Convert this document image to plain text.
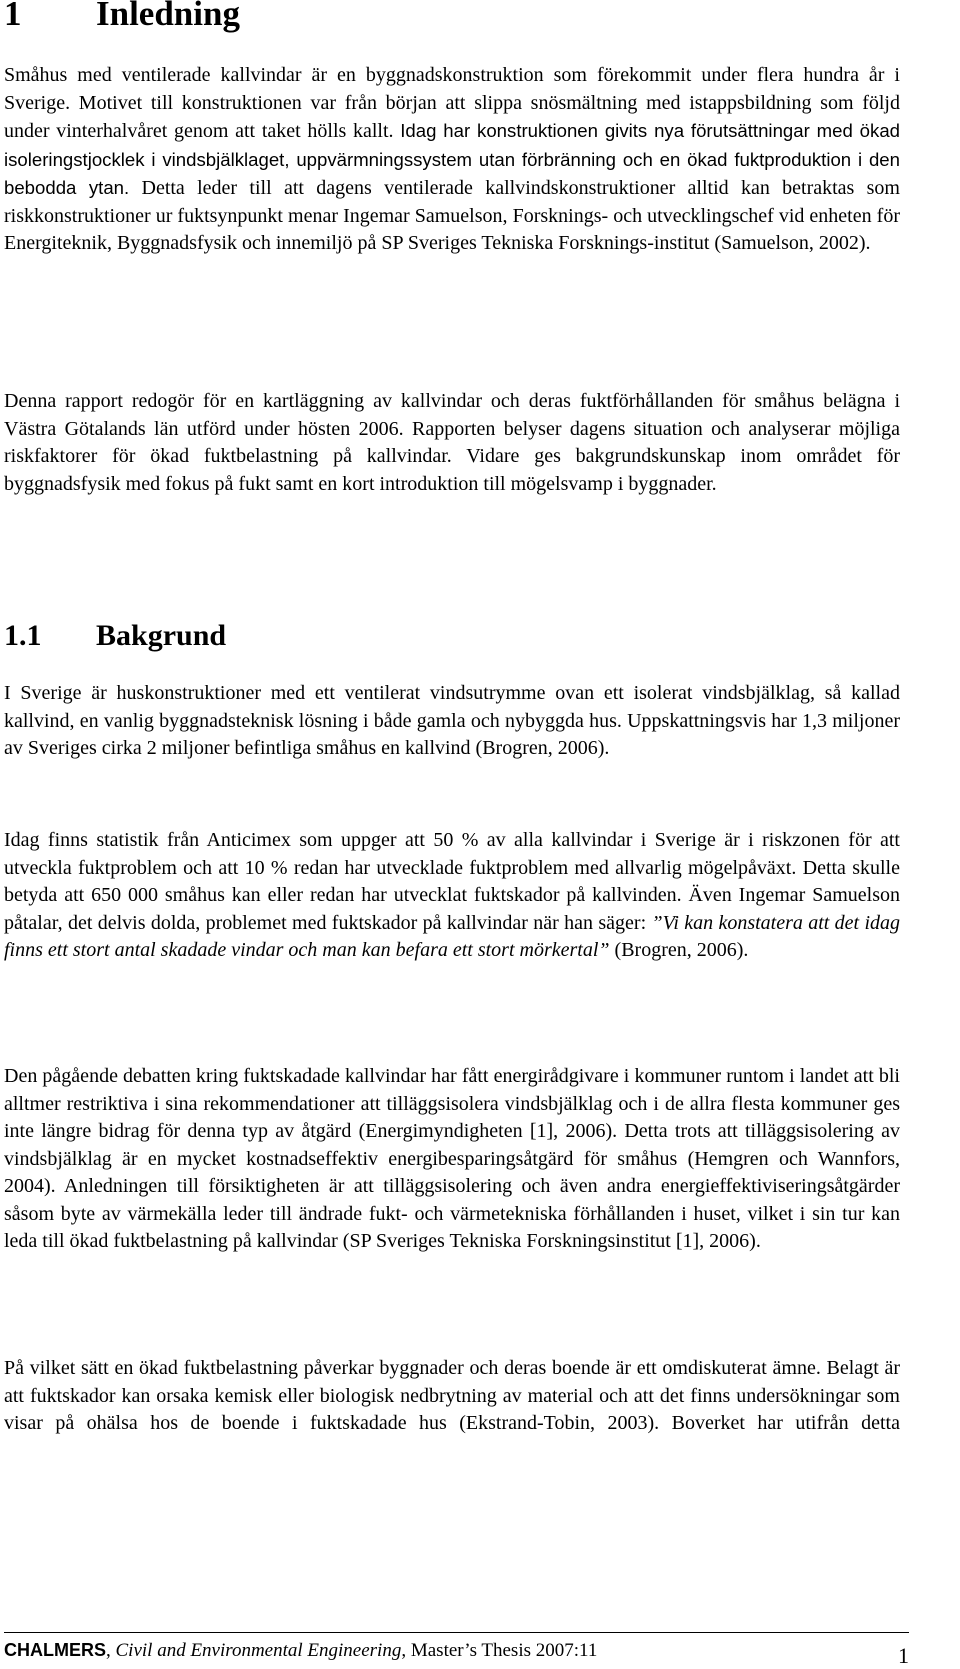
1 Inledning

Småhus med ventilerade kallvindar är en byggnadskonstruktion som förekommit under flera hundra år i Sverige. Motivet till konstruktionen var från början att slippa snösmältning med istappsbildning som följd under vinterhalvåret genom att taket hölls kallt. Idag har konstruktionen givits nya förutsättningar med ökad isoleringstjocklek i vindsbjälklaget, uppvärmningssystem utan förbränning och en ökad fuktproduktion i den bebodda ytan. Detta leder till att dagens ventilerade kallvindskonstruktioner alltid kan betraktas som riskkonstruktioner ur fuktsynpunkt menar Ingemar Samuelson, Forsknings- och utvecklingschef vid enheten för Energiteknik, Byggnadsfysik och innemiljö på SP Sveriges Tekniska Forsknings-institut (Samuelson, 2002).

Denna rapport redogör för en kartläggning av kallvindar och deras fuktförhållanden för småhus belägna i Västra Götalands län utförd under hösten 2006. Rapporten belyser dagens situation och analyserar möjliga riskfaktorer för ökad fuktbelastning på kallvindar. Vidare ges bakgrundskunskap inom området för byggnadsfysik med fokus på fukt samt en kort introduktion till mögelsvamp i byggnader.

1.1 Bakgrund

I Sverige är huskonstruktioner med ett ventilerat vindsutrymme ovan ett isolerat vindsbjälklag, så kallad kallvind, en vanlig byggnadsteknisk lösning i både gamla och nybyggda hus. Uppskattningsvis har 1,3 miljoner av Sveriges cirka 2 miljoner befintliga småhus en kallvind (Brogren, 2006).

Idag finns statistik från Anticimex som uppger att 50 % av alla kallvindar i Sverige är i riskzonen för att utveckla fuktproblem och att 10 % redan har utvecklade fuktproblem med allvarlig mögelpåväxt. Detta skulle betyda att 650 000 småhus kan eller redan har utvecklat fuktskador på kallvinden. Även Ingemar Samuelson påtalar, det delvis dolda, problemet med fuktskador på kallvindar när han säger: ”Vi kan konstatera att det idag finns ett stort antal skadade vindar och man kan befara ett stort mörkertal” (Brogren, 2006).

Den pågående debatten kring fuktskadade kallvindar har fått energirådgivare i kommuner runtom i landet att bli alltmer restriktiva i sina rekommendationer att tilläggsisolera vindsbjälklag och i de allra flesta kommuner ges inte längre bidrag för denna typ av åtgärd (Energimyndigheten [1], 2006). Detta trots att tilläggsisolering av vindsbjälklag är en mycket kostnadseffektiv energibesparingsåtgärd för småhus (Hemgren och Wannfors, 2004). Anledningen till försiktigheten är att tilläggsisolering och även andra energieffektiviseringsåtgärder såsom byte av värmekälla leder till ändrade fukt- och värmetekniska förhållanden i huset, vilket i sin tur kan leda till ökad fuktbelastning på kallvindar (SP Sveriges Tekniska Forskningsinstitut [1], 2006).

På vilket sätt en ökad fuktbelastning påverkar byggnader och deras boende är ett omdiskuterat ämne. Belagt är att fuktskador kan orsaka kemisk eller biologisk nedbrytning av material och att det finns undersökningar som visar på ohälsa hos de boende i fuktskadade hus (Ekstrand-Tobin, 2003). Boverket har utifrån detta

CHALMERS, Civil and Environmental Engineering, Master’s Thesis 2007:11	1
